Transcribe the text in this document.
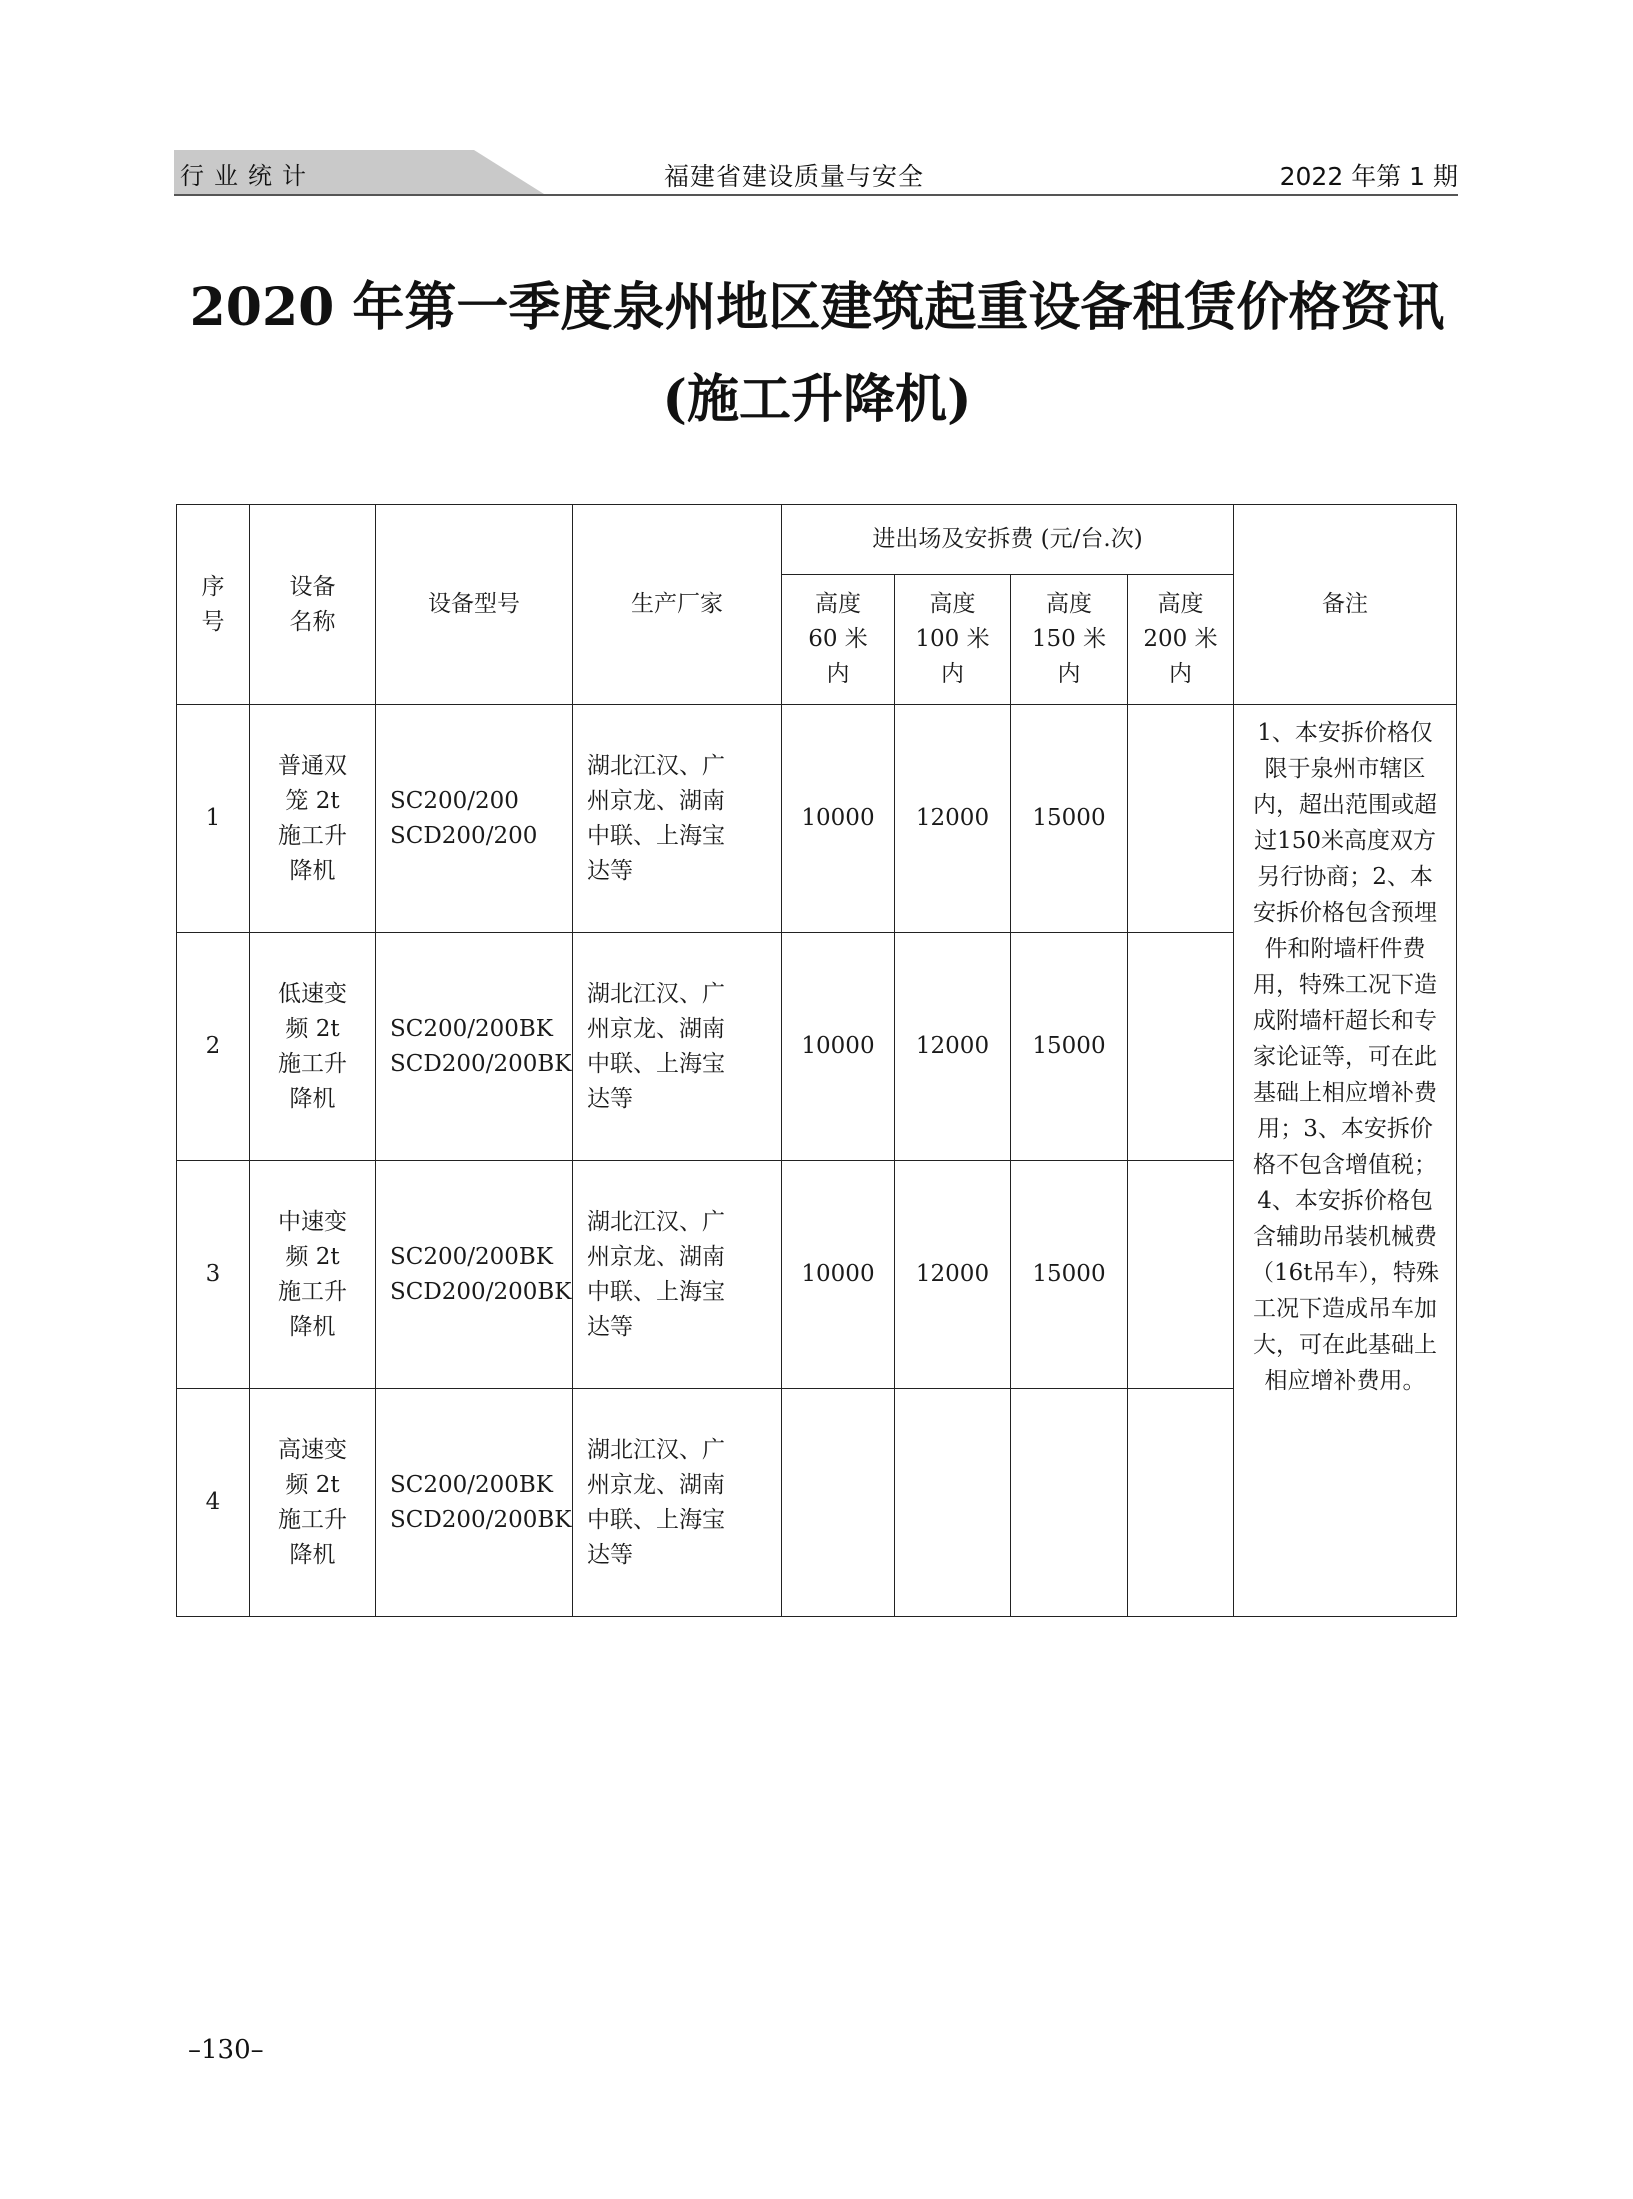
行业统计	福建省建设质量与安全	2022 年第 1 期
2020 年第一季度泉州地区建筑起重设备租赁价格资讯
(施工升降机)
序
号	设备
名称	设备型号	生产厂家	进出场及安拆费 (元/台.次)				备注
				高度
60 米
内	高度
100 米
内	高度
150 米
内	高度
200 米
内	
1	普通双
笼 2t
施工升
降机	SC200/200
SCD200/200	湖北江汉、广
州京龙、湖南
中联、上海宝
达等	10000	12000	15000		1、本安拆价格仅限于泉州市辖区内，超出范围或超过150米高度双方另行协商；2、本安拆价格包含预埋件和附墙杆件费用，特殊工况下造成附墙杆超长和专家论证等，可在此基础上相应增补费用；3、本安拆价格不包含增值税；4、本安拆价格包含辅助吊装机械费（16t吊车），特殊工况下造成吊车加大，可在此基础上相应增补费用。
2	低速变
频 2t
施工升
降机	SC200/200BK
SCD200/200BK	湖北江汉、广
州京龙、湖南
中联、上海宝
达等	10000	12000	15000		
3	中速变
频 2t
施工升
降机	SC200/200BK
SCD200/200BK	湖北江汉、广
州京龙、湖南
中联、上海宝
达等	10000	12000	15000		
4	高速变
频 2t
施工升
降机	SC200/200BK
SCD200/200BK	湖北江汉、广
州京龙、湖南
中联、上海宝
达等					
–130–
